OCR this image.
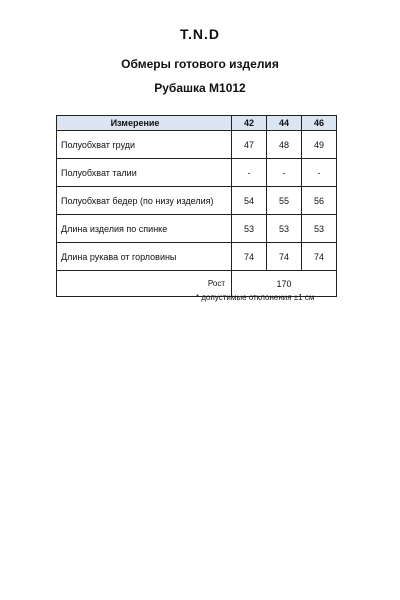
T.N.D
Обмеры готового изделия
Рубашка М1012
Измерение	42	44	46
Полуобхват груди	47	48	49
Полуобхват талии	-	-	-
Полуобхват бедер (по низу изделия)	54	55	56
Длина изделия по спинке	53	53	53
Длина рукава от горловины	74	74	74
Рост	170		
* допустимые отклонения ±1 см
